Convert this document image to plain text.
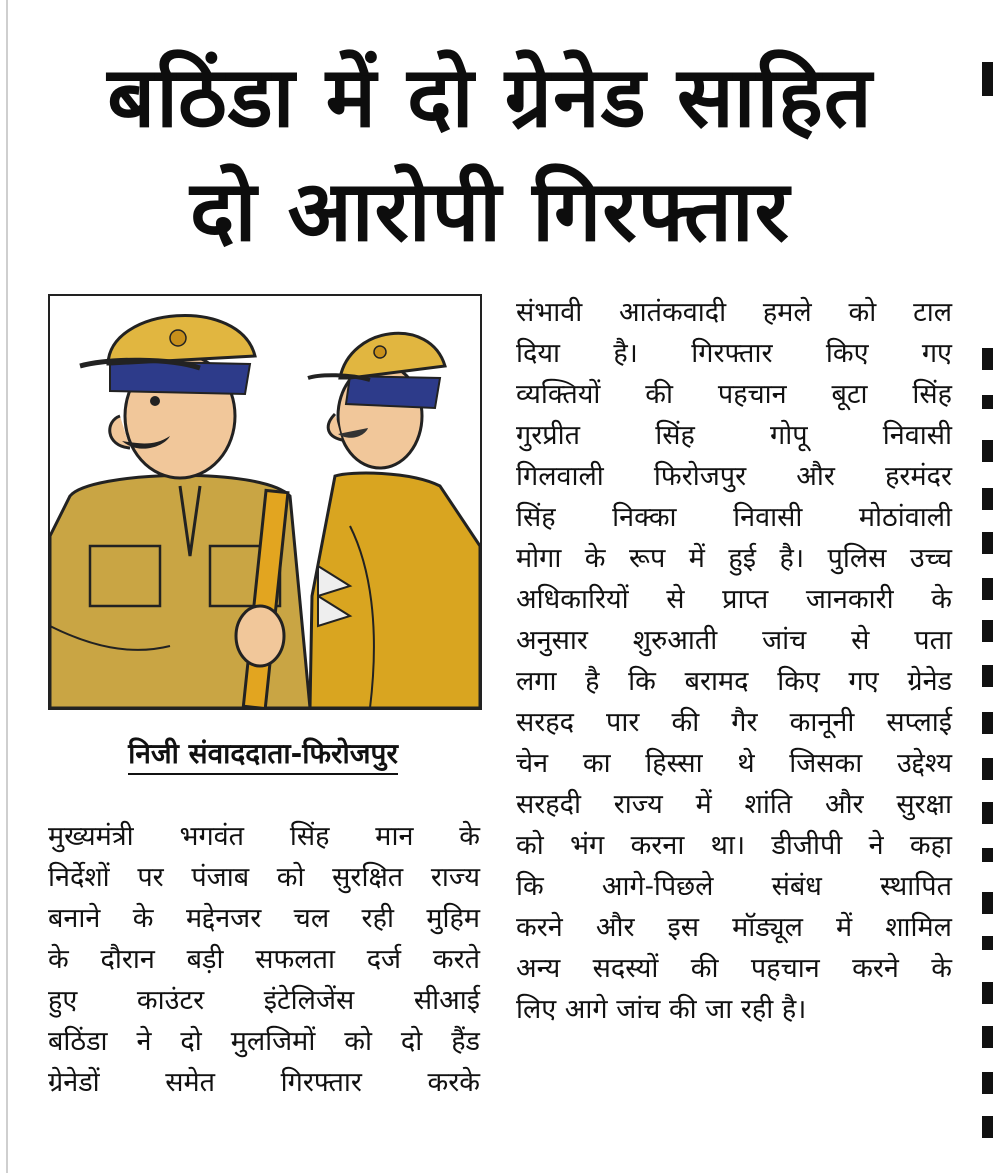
बठिंडा में दो ग्रेनेड साहित
दो आरोपी गिरफ्तार
निजी संवाददाता-फिरोजपुर
मुख्यमंत्री भगवंत सिंह मान के
निर्देशों पर पंजाब को सुरक्षित राज्य
बनाने के मद्देनजर चल रही मुहिम
के दौरान बड़ी सफलता दर्ज करते
हुए काउंटर इंटेलिजेंस सीआई
बठिंडा ने दो मुलजिमों को दो हैंड
ग्रेनेडों समेत गिरफ्तार करके
संभावी आतंकवादी हमले को टाल
दिया है। गिरफ्तार किए गए
व्यक्तियों की पहचान बूटा सिंह
गुरप्रीत सिंह गोपू निवासी
गिलवाली फिरोजपुर और हरमंदर
सिंह निक्का निवासी मोठांवाली
मोगा के रूप में हुई है। पुलिस उच्च
अधिकारियों से प्राप्त जानकारी के
अनुसार शुरुआती जांच से पता
लगा है कि बरामद किए गए ग्रेनेड
सरहद पार की गैर कानूनी सप्लाई
चेन का हिस्सा थे जिसका उद्देश्य
सरहदी राज्य में शांति और सुरक्षा
को भंग करना था। डीजीपी ने कहा
कि आगे-पिछले संबंध स्थापित
करने और इस मॉड्यूल में शामिल
अन्य सदस्यों की पहचान करने के
लिए आगे जांच की जा रही है।
